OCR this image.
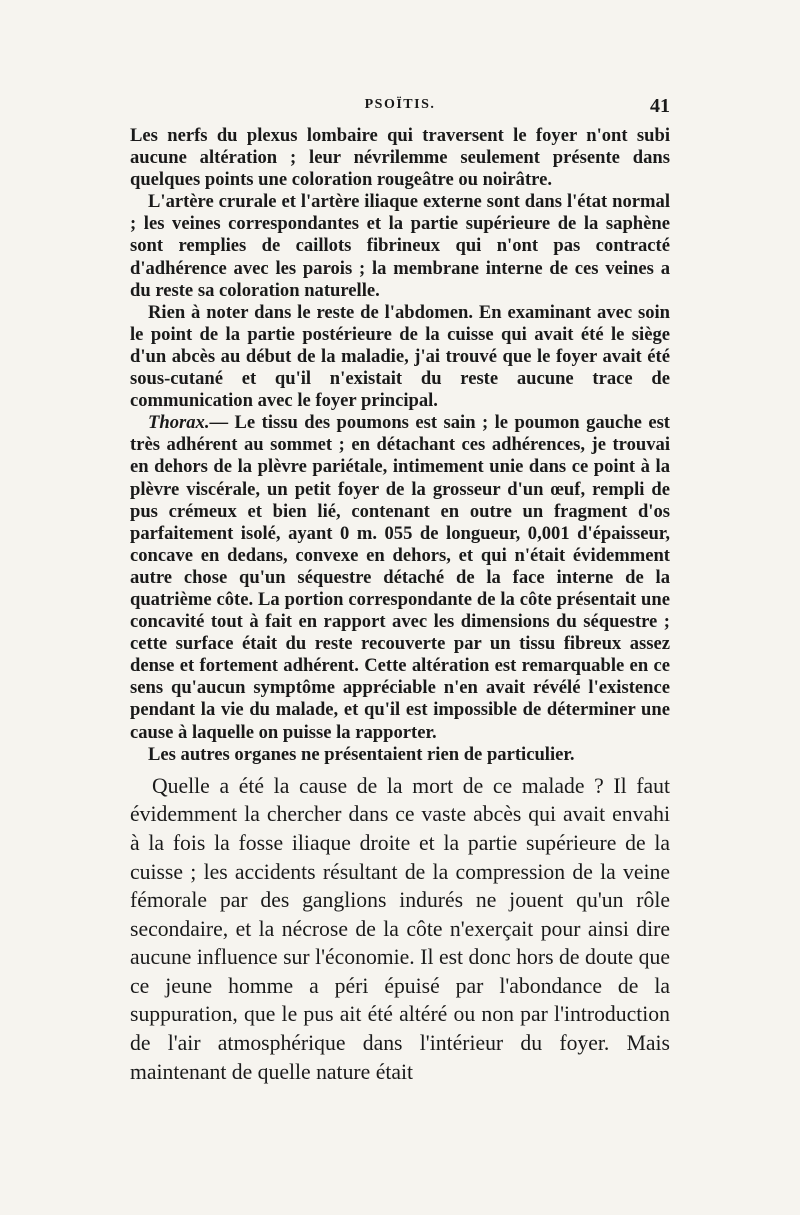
PSOÏTIS.	41

Les nerfs du plexus lombaire qui traversent le foyer n'ont subi aucune altération ; leur névrilemme seulement présente dans quelques points une coloration rougeâtre ou noirâtre.

L'artère crurale et l'artère iliaque externe sont dans l'état normal ; les veines correspondantes et la partie supérieure de la saphène sont remplies de caillots fibrineux qui n'ont pas contracté d'adhérence avec les parois ; la membrane interne de ces veines a du reste sa coloration naturelle.

Rien à noter dans le reste de l'abdomen. En examinant avec soin le point de la partie postérieure de la cuisse qui avait été le siège d'un abcès au début de la maladie, j'ai trouvé que le foyer avait été sous-cutané et qu'il n'existait du reste aucune trace de communication avec le foyer principal.

Thorax.— Le tissu des poumons est sain ; le poumon gauche est très adhérent au sommet ; en détachant ces adhérences, je trouvai en dehors de la plèvre pariétale, intimement unie dans ce point à la plèvre viscérale, un petit foyer de la grosseur d'un œuf, rempli de pus crémeux et bien lié, contenant en outre un fragment d'os parfaitement isolé, ayant 0 m. 055 de longueur, 0,001 d'épaisseur, concave en dedans, convexe en dehors, et qui n'était évidemment autre chose qu'un séquestre détaché de la face interne de la quatrième côte. La portion correspondante de la côte présentait une concavité tout à fait en rapport avec les dimensions du séquestre ; cette surface était du reste recouverte par un tissu fibreux assez dense et fortement adhérent. Cette altération est remarquable en ce sens qu'aucun symptôme appréciable n'en avait révélé l'existence pendant la vie du malade, et qu'il est impossible de déterminer une cause à laquelle on puisse la rapporter.

Les autres organes ne présentaient rien de particulier.

Quelle a été la cause de la mort de ce malade ? Il faut évidemment la chercher dans ce vaste abcès qui avait envahi à la fois la fosse iliaque droite et la partie supérieure de la cuisse ; les accidents résultant de la compression de la veine fémorale par des ganglions indurés ne jouent qu'un rôle secondaire, et la nécrose de la côte n'exerçait pour ainsi dire aucune influence sur l'économie. Il est donc hors de doute que ce jeune homme a péri épuisé par l'abondance de la suppuration, que le pus ait été altéré ou non par l'introduction de l'air atmosphérique dans l'intérieur du foyer. Mais maintenant de quelle nature était
